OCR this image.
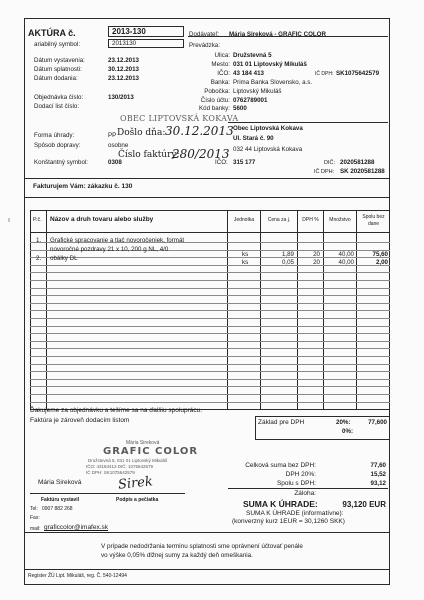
AKTÚRA č.	2013-130
ariabilný symbol:	2013130
Dátum vystavenia:	23.12.2013
Dátum splatnosti:	30.12.2013
Dátum dodania:	23.12.2013
Objednávka číslo:	130/2013
Dodací list číslo:
Dodávateľ: Mária Sireková - GRAFIC COLOR
Prevádzka:
Ulica: Družstevná 5
Mesto: 031 01 Liptovský Mikuláš
IČO: 43 184 413	IČ DPH: SK1075642579
Banka: Prima Banka Slovensko, a.s.
Pobočka: Liptovský Mikuláš
Číslo účtu: 0762789001
Kód banky: 5600
OBEC LIPTOVSKÁ KOKAVA
Forma úhrady:	PP
Spôsob dopravy:	osobne
Konštantný symbol:	0308
Došlo dňa: 30.12.2013
Číslo faktúry:
280/2013
Obec Liptovská Kokava
Ul. Stará č. 90
032 44 Liptovská Kokava
IČO: 315 177	DIČ: 2020581288
IČ DPH: SK 2020581288
Fakturujem Vám: zákazku č. 130
P.č. Názov a druh tovaru alebo služby	Jednotka	Cena za j.	DPH %	Množstvo	Spolu bez dane
1. Grafické spracovanie a tlač novoročeniek, formát
novoročné pozdravy 21 x 10, 200 g NL, 4/0
ks	1,89	20	40,00	75,60
2. obálky DL
ks	0,05	20	40,00	2,00
Ďakujeme za objednávku a tešíme sa na ďalšiu spoluprácu.
Faktúra je zároveň dodacím listom	Základ pre DPH	20%:	77,600
0%:
Mária Sireková
GRAFIC COLOR
Družstevná 5, 031 01 Liptovský Mikuláš
IČO: 43184413 DIČ: 1075642579
IČ DPH: SK1075642579
Sirek
Mária Sireková
Faktúru vystavil	Podpis a pečiatka
Tel: 0907 882 268
Fax:
mail: graficcolor@imafex.sk
Celková suma bez DPH:	77,60
DPH 20%:	15,52
Spolu s DPH:	93,12
Záloha:
SUMA K ÚHRADE:	93,120 EUR
SUMA K ÚHRADE (informatívne):
(konverzný kurz 1EUR = 30,1260 SKK)
V prípade nedodržania termínu splatnosti sme oprávnení účtovať penále
vo výške 0,05% dlžnej sumy za každý deň omeškania.
Register ŽÚ Lipt. Mikuláš, reg. Č. 540-12494
ı
